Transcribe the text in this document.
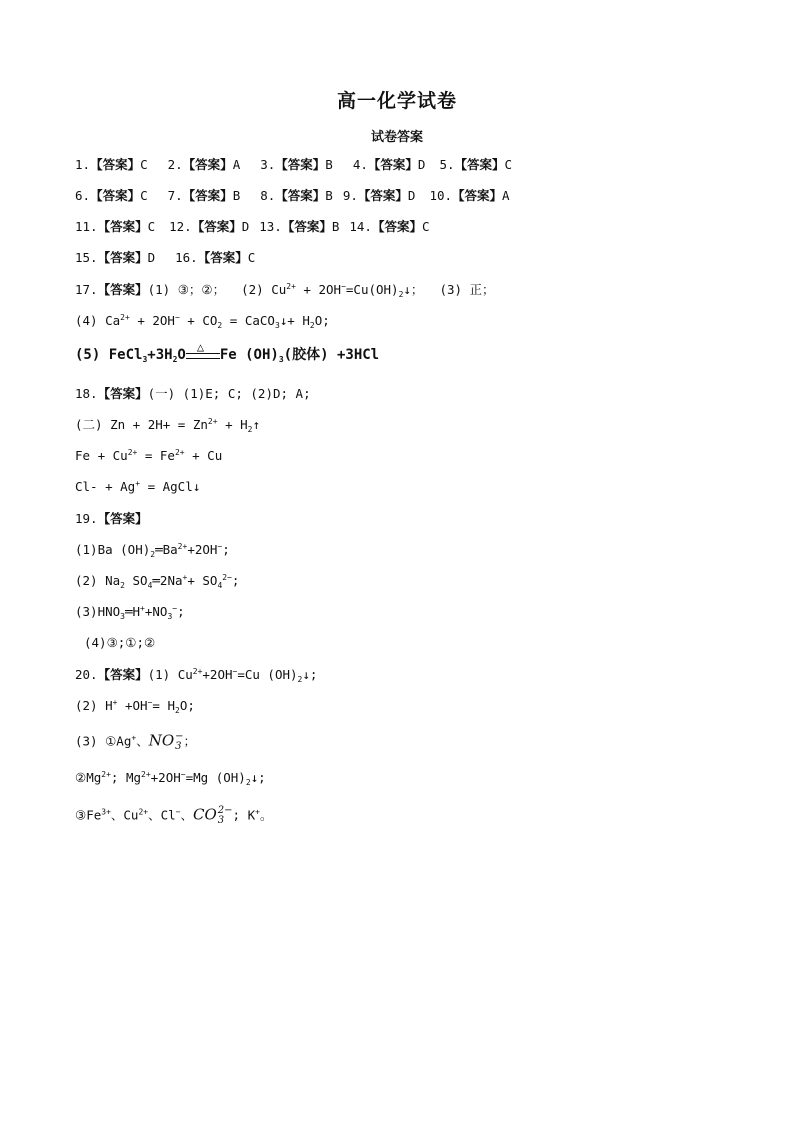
高一化学试卷
试卷答案
1.【答案】C 2.【答案】A 3.【答案】B 4.【答案】D 5.【答案】C
6.【答案】C 7.【答案】B 8.【答案】B 9.【答案】D 10.【答案】A
11.【答案】C 12.【答案】D 13.【答案】B 14.【答案】C
15.【答案】D 16.【答案】C
17.【答案】(1) ③；②； (2) $Cu^{2+}$ + $2OH^-=Cu(OH)_2↓$； (3) 正；
(4) $Ca^{2+} + 2OH^- + CO_2$ = CaCO$_3$↓+ $H_2O$;
(5) $FeCl_3+3H_2O$ △ Fe $(OH)_3$(胶体) +3HCl
18.【答案】(一) (1)E; C; (2)D; A;
(二) $Zn + 2H+ = Zn^{2+}$ + $H_2↑$
$Fe + Cu^{2+} = Fe^{2+} + Cu$
Cl- + Ag+ = AgCl↓
19.【答案】
(1)Ba $(OH)_2═Ba^{2+}+2OH^-$;
(2) $Na_2$ $SO_4═2Na^++ SO_4^{2-}$;
$(3)HNO_3═H^++NO_3^-$;
(4)③;①;②
20.【答案】(1) $Cu^{2+}+2OH^-=Cu$ $(OH)_2↓$;
(2) $H^+ +OH^-= H_2O$;
(3) ①Ag+、NO −
3 ；
$②Mg^{2+}$; $Mg^{2+}+2OH^-=Mg$ $(OH)_2↓$;
$③Fe^{3+}$、$Cu^{2+}$、Cl−、CO 2−
3 ; K+。
